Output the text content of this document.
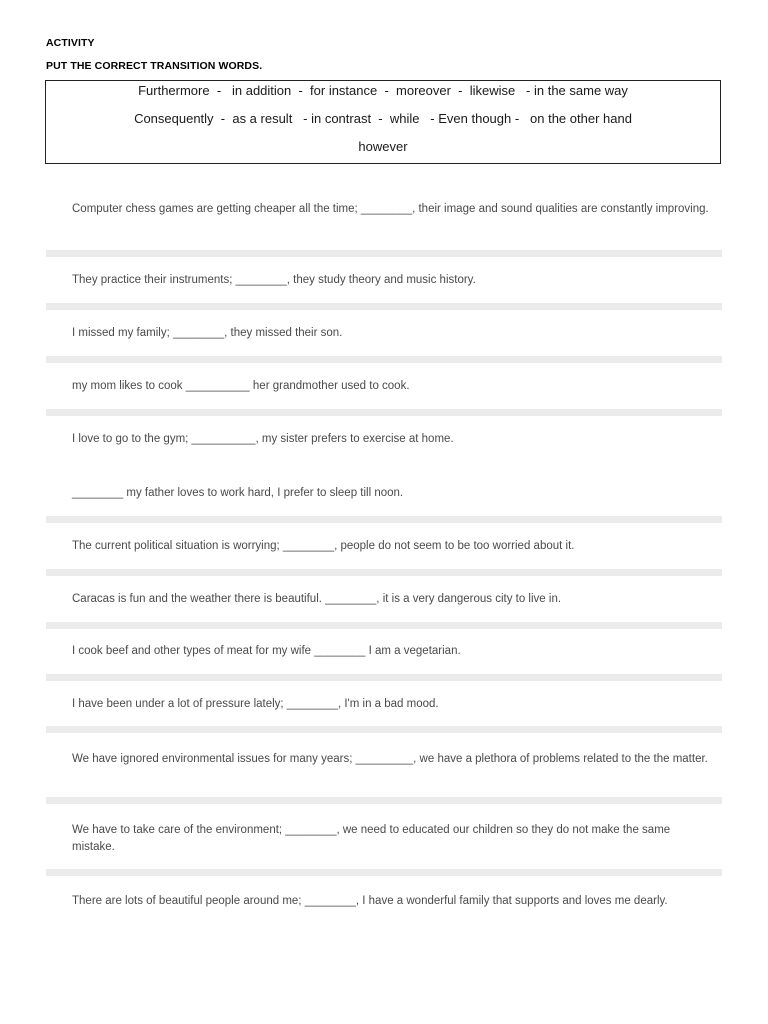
ACTIVITY
PUT THE CORRECT TRANSITION WORDS.
Furthermore  -   in addition  -  for instance  -  moreover  -  likewise   - in the same way
Consequently  -  as a result   - in contrast  -  while   - Even though -   on the other hand
however
Computer chess games are getting cheaper all the time; ________, their image and sound qualities are constantly improving.
They practice their instruments; ________, they study theory and music history.
I missed my family; ________, they missed their son.
my mom likes to cook __________ her grandmother used to cook.
I love to go to the gym; __________, my sister prefers to exercise at home.
________ my father loves to work hard, I prefer to sleep till noon.
The current political situation is worrying; ________, people do not seem to be too worried about it.
Caracas is fun and the weather there is beautiful. ________, it is a very dangerous city to live in.
I cook beef and other types of meat for my wife ________ I am a vegetarian.
I have been under a lot of pressure lately; ________, I'm in a bad mood.
We have ignored environmental issues for many years; _________, we have a plethora of problems related to the the matter.
We have to take care of the environment; ________, we need to educated our children so they do not make the same mistake.
There are lots of beautiful people around me; ________, I have a wonderful family that supports and loves me dearly.
